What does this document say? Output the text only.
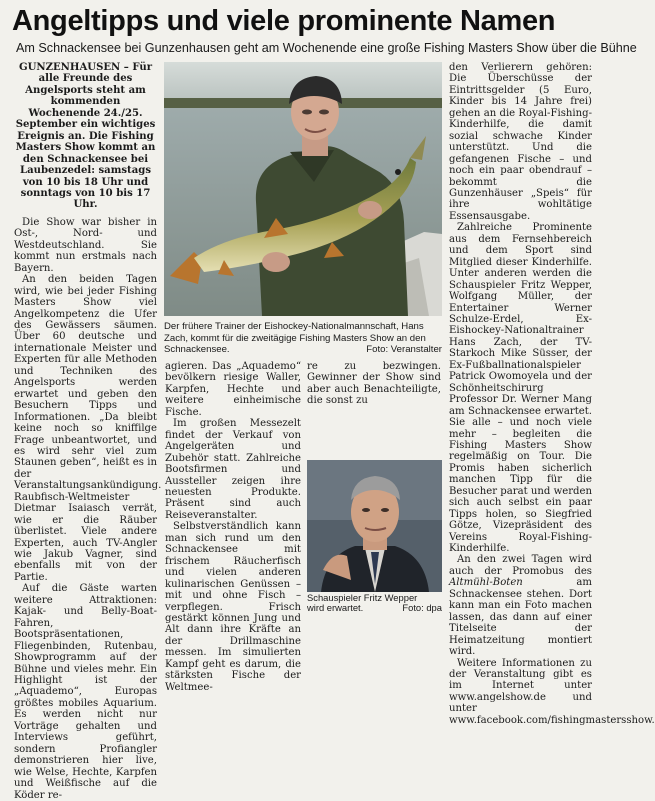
Angeltipps und viele prominente Namen
Am Schnackensee bei Gunzenhausen geht am Wochenende eine große Fishing Masters Show über die Bühne

GUNZENHAUSEN – Für alle Freunde des Angelsports steht am kommenden Wochenende 24./25. September ein wichtiges Ereignis an. Die Fishing Masters Show kommt an den Schnackensee bei Laubenzedel: samstags von 10 bis 18 Uhr und sonntags von 10 bis 17 Uhr.

Die Show war bisher in Ost-, Nord- und Westdeutschland. Sie kommt nun erstmals nach Bayern.

An den beiden Tagen wird, wie bei jeder Fishing Masters Show viel Angelkompetenz die Ufer des Gewässers säumen. Über 60 deutsche und internationale Meister und Experten für alle Methoden und Techniken des Angelsports werden erwartet und geben den Besuchern Tipps und Informationen. „Da bleibt keine noch so kniffilge Frage unbeantwortet, und es wird sehr viel zum Staunen geben“, heißt es in der Veranstaltungsankündigung. Raubfisch-Weltmeister Dietmar Isaiasch verrät, wie er die Räuber überlistet. Viele andere Experten, auch TV-Angler wie Jakub Vagner, sind ebenfalls mit von der Partie.

Auf die Gäste warten weitere Attraktionen: Kajak- und Belly-Boat-Fahren, Bootspräsentationen, Fliegenbinden, Rutenbau, Showprogramm auf der Bühne und vieles mehr. Ein Highlight ist der „Aquademo“, Europas größtes mobiles Aquarium. Es werden nicht nur Vorträge gehalten und Interviews geführt, sondern Profiangler demonstrieren hier live, wie Welse, Hechte, Karpfen und Weißfische auf die Köder re-

Der frühere Trainer der Eishockey-Nationalmannschaft, Hans Zach, kommt für die zweitägige Fishing Masters Show an den Schnackensee.	Foto: Veranstalter

agieren. Das „Aquademo“ bevölkern riesige Waller, Karpfen, Hechte und weitere einheimische Fische.

Im großen Messezelt findet der Verkauf von Angelgeräten und Zubehör statt. Zahlreiche Bootsfirmen und Aussteller zeigen ihre neuesten Produkte. Präsent sind auch Reiseveranstalter.

Selbstverständlich kann man sich rund um den Schnackensee mit frischem Räucherfisch und vielen anderen kulinarischen Genüssen – mit und ohne Fisch – verpflegen. Frisch gestärkt können Jung und Alt dann ihre Kräfte an der Drillmaschine messen. Im simulierten Kampf geht es darum, die stärksten Fische der Weltmee-

re zu bezwingen. Gewinner der Show sind aber auch Benachteiligte, die sonst zu

Schauspieler Fritz Wepper
wird erwartet.	Foto: dpa

den Verlierern gehören: Die Überschüsse der Eintrittsgelder (5 Euro, Kinder bis 14 Jahre frei) gehen an die Royal-Fishing-Kinderhilfe, die damit sozial schwache Kinder unterstützt. Und die gefangenen Fische – und noch ein paar obendrauf – bekommt die Gunzenhäuser „Speis“ für ihre wohltätige Essensausgabe.

Zahlreiche Prominente aus dem Fernsehbereich und dem Sport sind Mitglied dieser Kinderhilfe. Unter anderen werden die Schauspieler Fritz Wepper, Wolfgang Müller, der Entertainer Werner Schulze-Erdel, Ex-Eishockey-Nationaltrainer Hans Zach, der TV-Starkoch Mike Süsser, der Ex-Fußballnationalspieler Patrick Owomoyela und der Schönheitschirurg Professor Dr. Werner Mang am Schnackensee erwartet. Sie alle – und noch viele mehr – begleiten die Fishing Masters Show regelmäßig on Tour. Die Promis haben sicherlich manchen Tipp für die Besucher parat und werden sich auch selbst ein paar Tipps holen, so Siegfried Götze, Vizepräsident des Vereins Royal-Fishing-Kinderhilfe.

An den zwei Tagen wird auch der Promobus des Altmühl-Boten	am Schnackensee stehen. Dort kann man ein Foto machen lassen, das dann auf einer Titelseite der Heimatzeitung montiert wird.

Weitere Informationen zu der Veranstaltung gibt es im Internet unter www.angelshow.de und unter www.facebook.com/fishingmastersshow.
